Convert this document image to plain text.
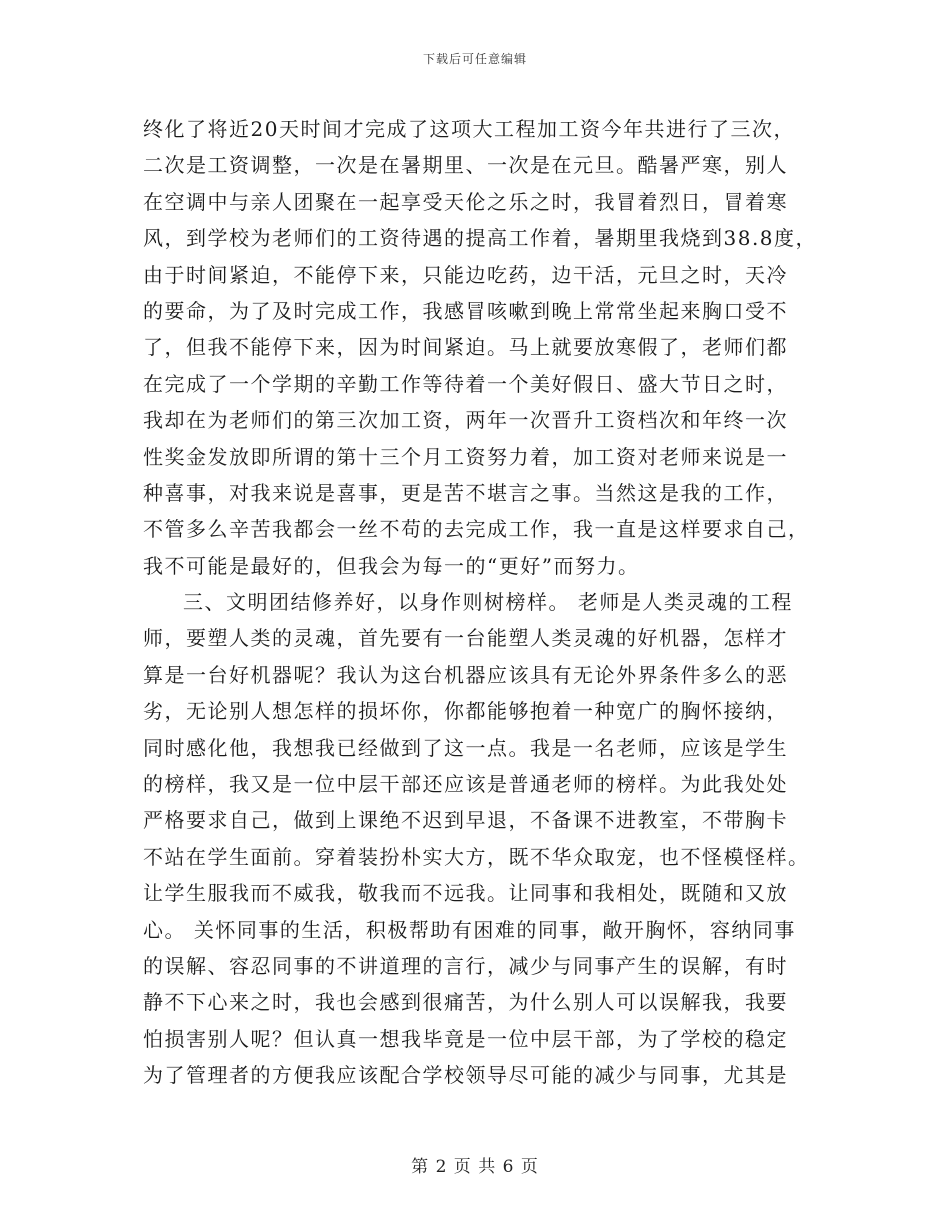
下载后可任意编辑
终化了将近20天时间才完成了这项大工程加工资今年共进行了三次，
二次是工资调整，一次是在暑期里、一次是在元旦。酷暑严寒，别人
在空调中与亲人团聚在一起享受天伦之乐之时，我冒着烈日，冒着寒
风，到学校为老师们的工资待遇的提高工作着，暑期里我烧到38.8度，
由于时间紧迫，不能停下来，只能边吃药，边干活，元旦之时，天冷
的要命，为了及时完成工作，我感冒咳嗽到晚上常常坐起来胸口受不
了，但我不能停下来，因为时间紧迫。马上就要放寒假了，老师们都
在完成了一个学期的辛勤工作等待着一个美好假日、盛大节日之时，
我却在为老师们的第三次加工资，两年一次晋升工资档次和年终一次
性奖金发放即所谓的第十三个月工资努力着，加工资对老师来说是一
种喜事，对我来说是喜事，更是苦不堪言之事。当然这是我的工作，
不管多么辛苦我都会一丝不苟的去完成工作，我一直是这样要求自己，
我不可能是最好的，但我会为每一的“更好”而努力。
三、文明团结修养好，以身作则树榜样。 老师是人类灵魂的工程
师，要塑人类的灵魂，首先要有一台能塑人类灵魂的好机器，怎样才
算是一台好机器呢？我认为这台机器应该具有无论外界条件多么的恶
劣，无论别人想怎样的损坏你，你都能够抱着一种宽广的胸怀接纳，
同时感化他，我想我已经做到了这一点。我是一名老师，应该是学生
的榜样，我又是一位中层干部还应该是普通老师的榜样。为此我处处
严格要求自己，做到上课绝不迟到早退，不备课不进教室，不带胸卡
不站在学生面前。穿着装扮朴实大方，既不华众取宠，也不怪模怪样。
让学生服我而不威我，敬我而不远我。让同事和我相处，既随和又放
心。 关怀同事的生活，积极帮助有困难的同事，敞开胸怀，容纳同事
的误解、容忍同事的不讲道理的言行，减少与同事产生的误解，有时
静不下心来之时，我也会感到很痛苦，为什么别人可以误解我，我要
怕损害别人呢？但认真一想我毕竟是一位中层干部，为了学校的稳定
为了管理者的方便我应该配合学校领导尽可能的减少与同事，尤其是
第 2 页 共 6 页
